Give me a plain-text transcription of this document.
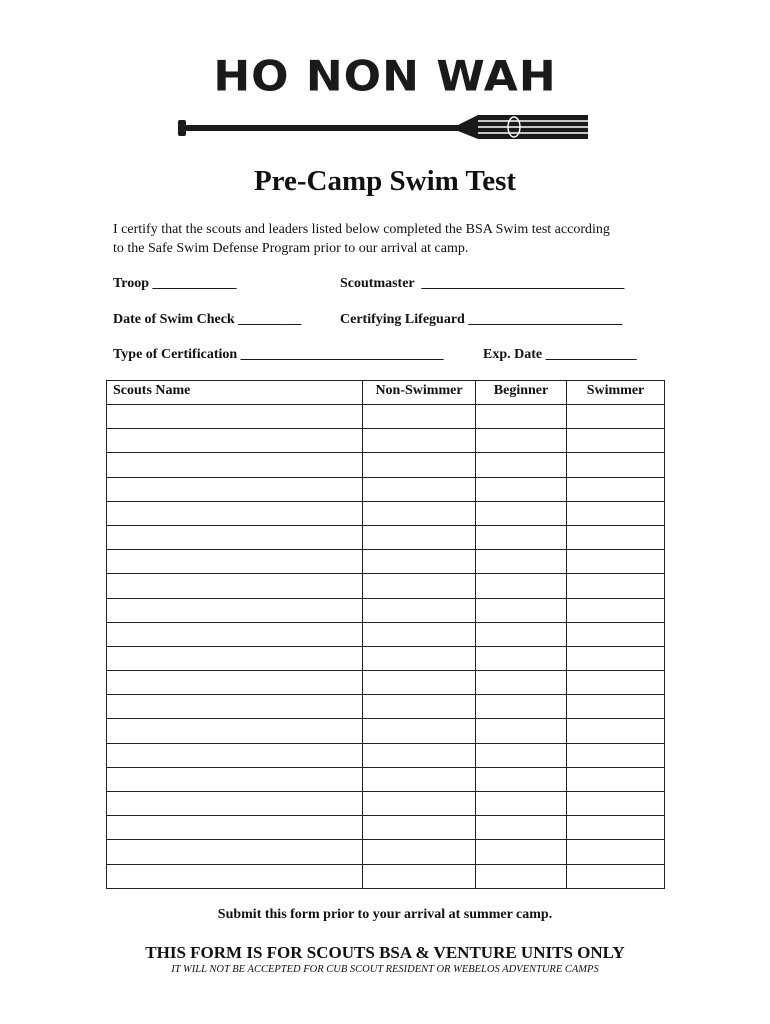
HO NON WAH
Pre-Camp Swim Test
I certify that the scouts and leaders listed below completed the BSA Swim test according
to the Safe Swim Defense Program prior to our arrival at camp.
Troop ____________	Scoutmaster  _____________________________
Date of Swim Check _________	Certifying Lifeguard ______________________
Type of Certification _____________________________	Exp. Date _____________
Scouts Name	Non-Swimmer	Beginner	Swimmer

Submit this form prior to your arrival at summer camp.

THIS FORM IS FOR SCOUTS BSA & VENTURE UNITS ONLY

IT WILL NOT BE ACCEPTED FOR CUB SCOUT RESIDENT OR WEBELOS ADVENTURE CAMPS
